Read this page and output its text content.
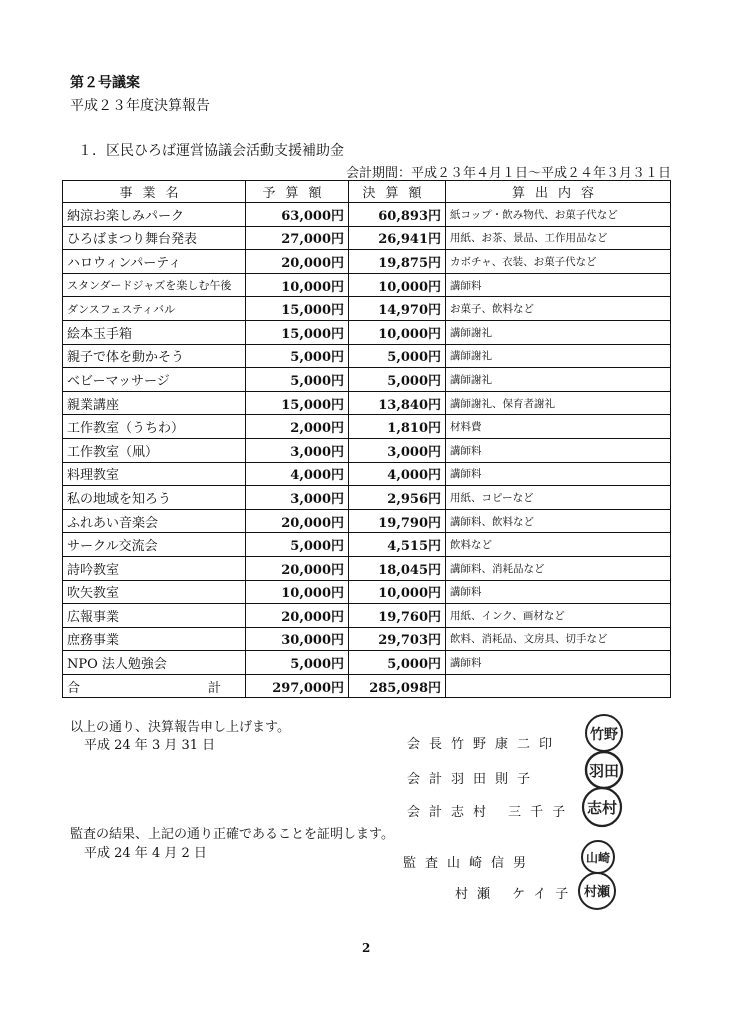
第２号議案
平成２３年度決算報告
１．区民ひろば運営協議会活動支援補助金
会計期間：平成２３年４月１日～平成２４年３月３１日
事業名	予算額	決算額	算出内容
納涼お楽しみパーク	63,000円	60,893円	紙コップ・飲み物代、お菓子代など
ひろばまつり舞台発表	27,000円	26,941円	用紙、お茶、景品、工作用品など
ハロウィンパーティ	20,000円	19,875円	カボチャ、衣装、お菓子代など
スタンダードジャズを楽しむ午後	10,000円	10,000円	講師料
ダンスフェスティバル	15,000円	14,970円	お菓子、飲料など
絵本玉手箱	15,000円	10,000円	講師謝礼
親子で体を動かそう	5,000円	5,000円	講師謝礼
ベビーマッサージ	5,000円	5,000円	講師謝礼
親業講座	15,000円	13,840円	講師謝礼、保育者謝礼
工作教室（うちわ）	2,000円	1,810円	材料費
工作教室（凧）	3,000円	3,000円	講師料
料理教室	4,000円	4,000円	講師料
私の地域を知ろう	3,000円	2,956円	用紙、コピーなど
ふれあい音楽会	20,000円	19,790円	講師料、飲料など
サークル交流会	5,000円	4,515円	飲料など
詩吟教室	20,000円	18,045円	講師料、消耗品など
吹矢教室	10,000円	10,000円	講師料
広報事業	20,000円	19,760円	用紙、インク、画材など
庶務事業	30,000円	29,703円	飲料、消耗品、文房具、切手など
NPO 法人勉強会	5,000円	5,000円	講師料

合 計	297,000円	285,098円	
以上の通り、決算報告申し上げます。
平成 24 年 3 月 31 日
監査の結果、上記の通り正確であることを証明します。
平成 24 年 4 月 2 日
会長竹野康二印
会計羽田則子
会計志村 三千子
監査山崎信男
村瀬 ケイ子
竹野
羽田
志村
山崎
村瀬
2
